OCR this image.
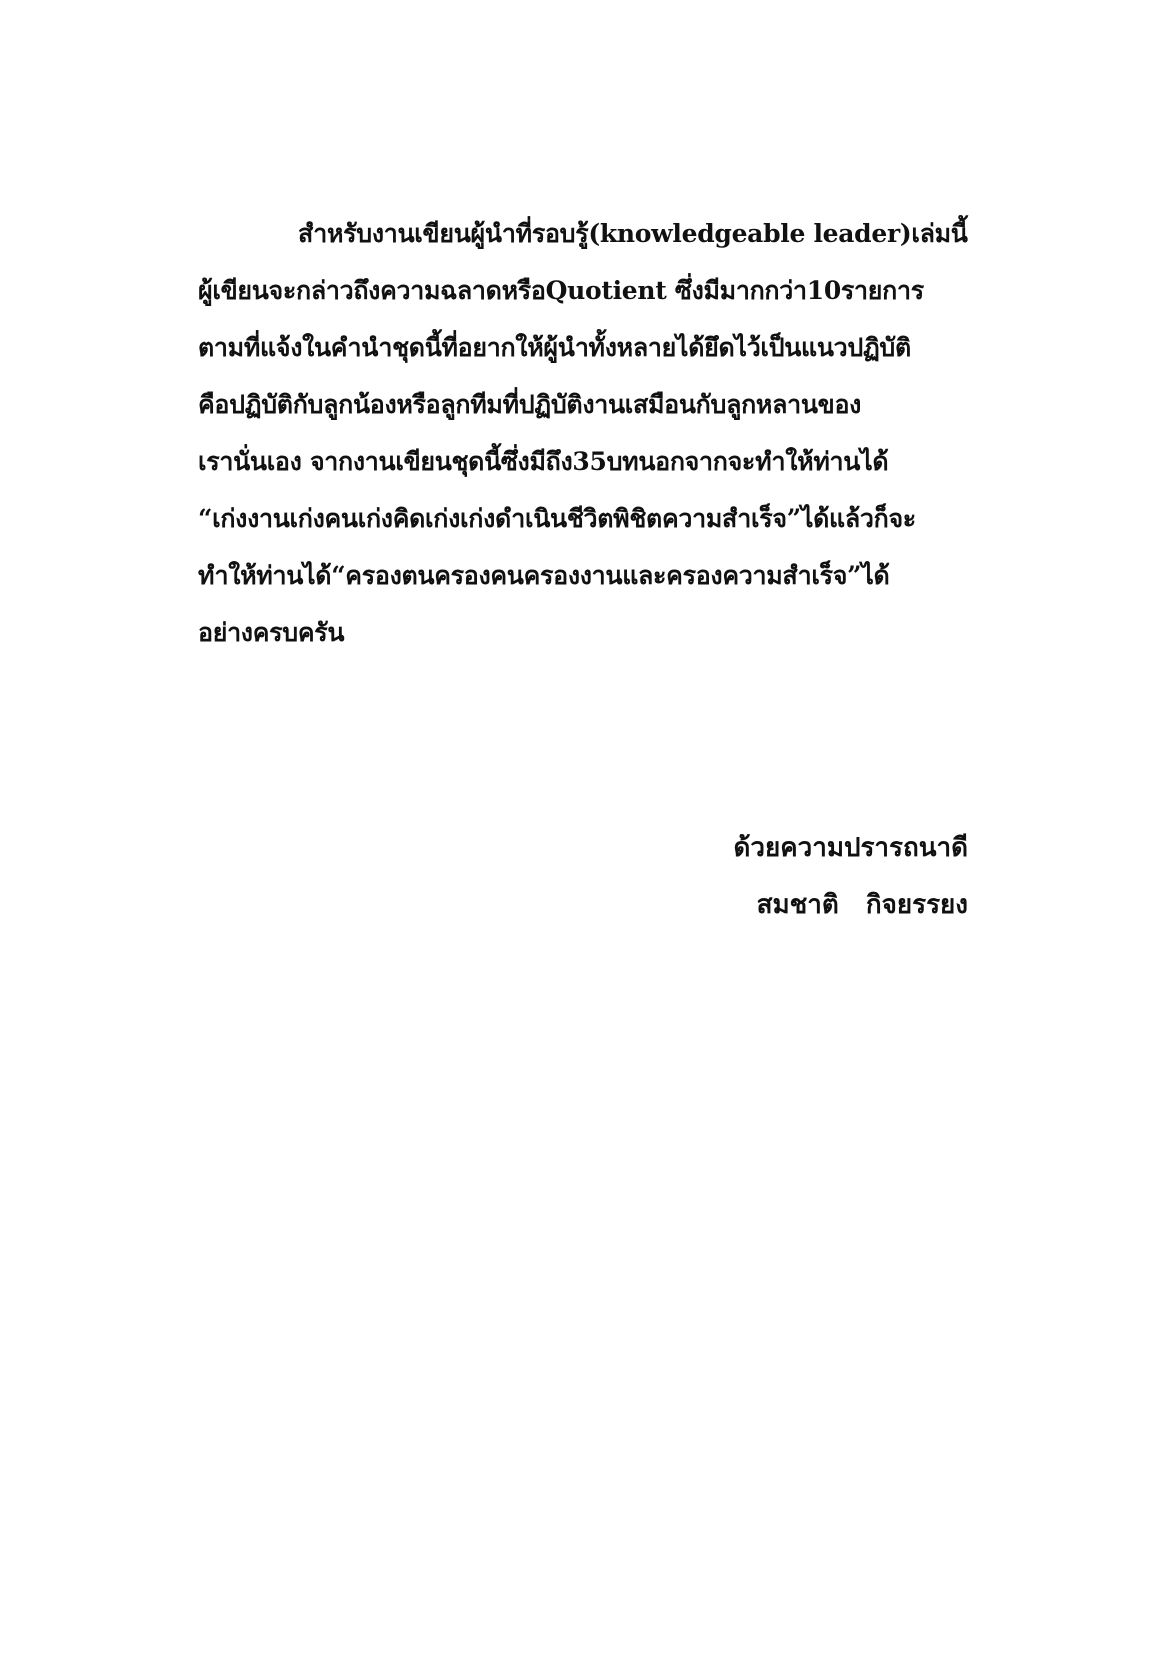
สำหรับงานเขียนผู้นำที่รอบรู้(knowledgeable leader)เล่มนี้
ผู้เขียนจะกล่าวถึงความฉลาดหรือQuotient ซึ่งมีมากกว่า10รายการ
ตามที่แจ้งในคำนำชุดนี้ที่อยากให้ผู้นำทั้งหลายได้ยึดไว้เป็นแนวปฏิบัติ
คือปฏิบัติกับลูกน้องหรือลูกทีมที่ปฏิบัติงานเสมือนกับลูกหลานของ
เรานั่นเอง จากงานเขียนชุดนี้ซึ่งมีถึง35บทนอกจากจะทำให้ท่านได้
“เก่งงานเก่งคนเก่งคิดเก่งเก่งดำเนินชีวิตพิชิตความสำเร็จ”ได้แล้วก็จะ
ทำให้ท่านได้“ครองตนครองคนครองงานและครองความสำเร็จ”ได้
อย่างครบครัน
ด้วยความปรารถนาดี
สมชาติ   กิจยรรยง
